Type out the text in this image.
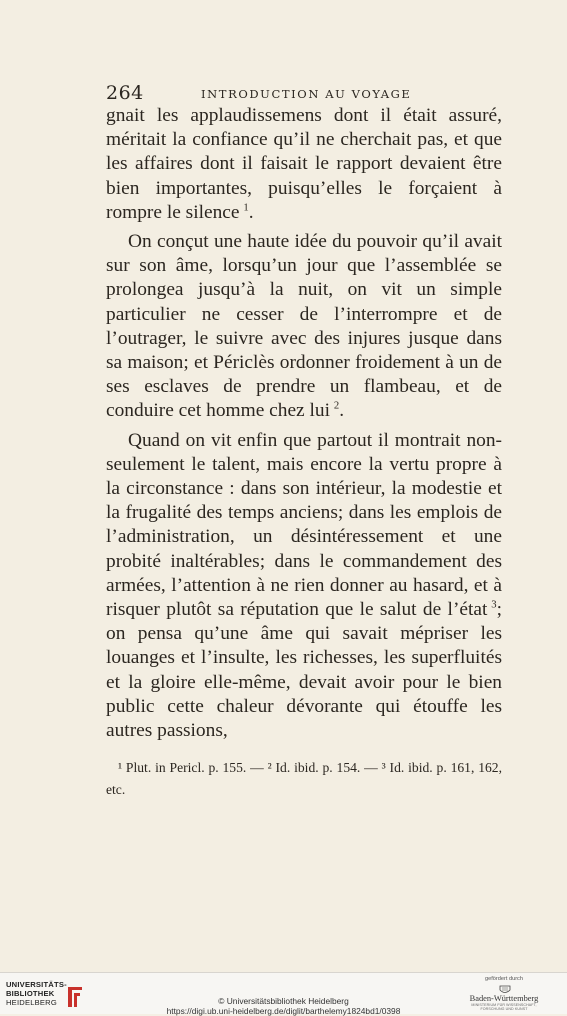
264	INTRODUCTION AU VOYAGE

gnait les applaudissemens dont il était assuré, méritait la confiance qu’il ne cherchait pas, et que les affaires dont il faisait le rapport devaient être bien importantes, puisqu’elles le forçaient à rompre le silence  $^1$.

On conçut une haute idée du pouvoir qu’il avait sur son âme, lorsqu’un jour que l’assemblée se prolongea jusqu’à la nuit, on vit un simple particulier ne cesser de l’interrompre et de l’outrager, le suivre avec des injures jusque dans sa maison; et Périclès ordonner froidement à un de ses esclaves de prendre un flambeau, et de conduire cet homme chez lui  $^2$.

Quand on vit enfin que partout il montrait non-seulement le talent, mais encore la vertu propre à la circonstance : dans son intérieur, la modestie et la frugalité des temps anciens; dans les emplois de l’administration, un désintéressement et une probité inaltérables; dans le commandement des armées, l’attention à ne rien donner au hasard, et à risquer plutôt sa réputation que le salut de l’état  $^3$; on pensa qu’une âme qui savait mépriser les louanges et l’insulte, les richesses, les superfluités et la gloire elle-même, devait avoir pour le bien public cette chaleur dévorante qui étouffe les autres passions,

¹ Plut. in Pericl. p. 155. — ² Id. ibid. p. 154. — ³ Id. ibid. p. 161, 162, etc.

UNIVERSITÄTS-
BIBLIOTHEK
HEIDELBERG	© Universitätsbibliothek Heidelberg
https://digi.ub.uni-heidelberg.de/diglit/barthelemy1824bd1/0398
gefördert durch
Baden-Württemberg
MINISTERIUM FÜR WISSENSCHAFT, FORSCHUNG UND KUNST
